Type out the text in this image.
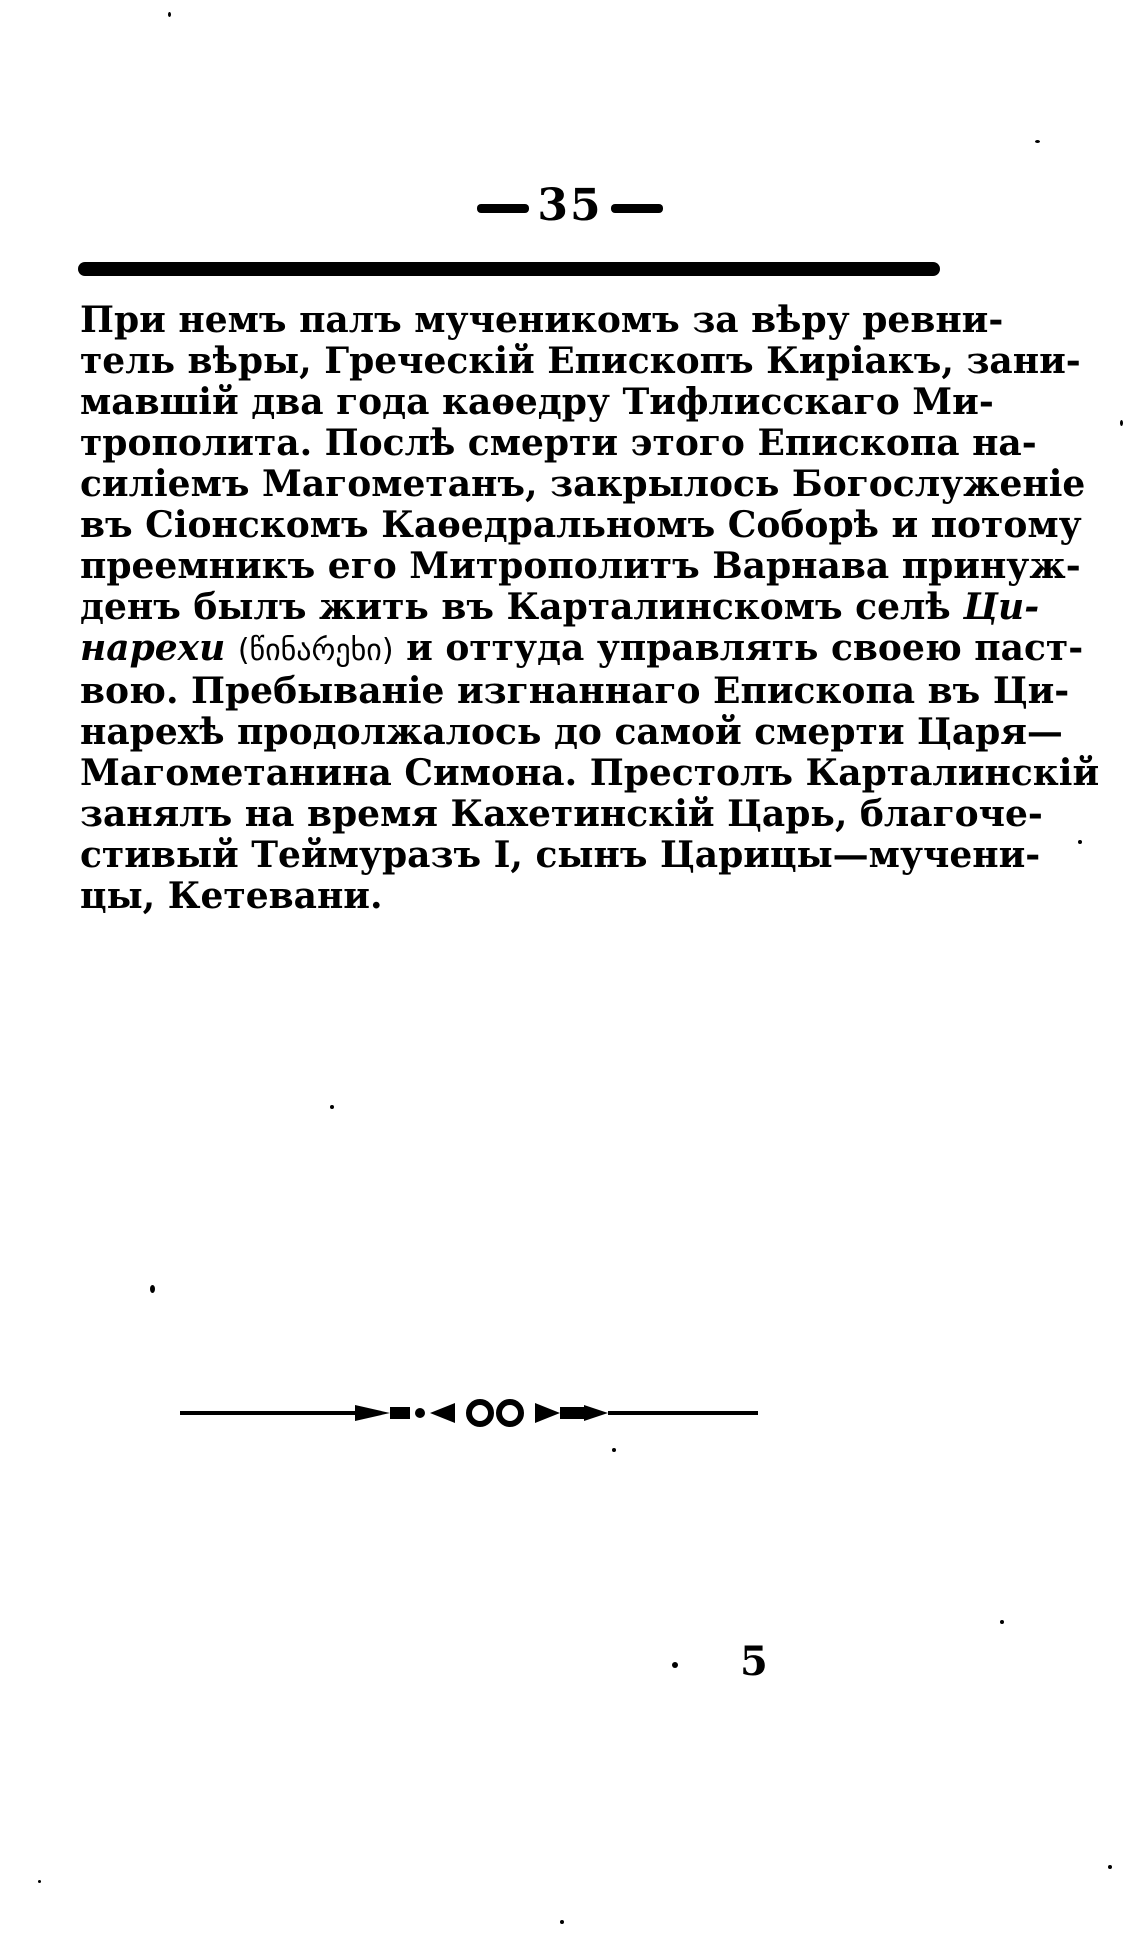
35
При немъ палъ мученикомъ за вѣру ревни-
тель вѣры, Греческій Епископъ Киріакъ, зани-
мавшій два года каѳедру Тифлисскаго Ми-
трополита. Послѣ смерти этого Епископа на-
силіемъ Магометанъ, закрылось Богослуженіе
въ Сіонскомъ Каѳедральномъ Соборѣ и потому
преемникъ его Митрополитъ Варнава принуж-
денъ былъ жить въ Карталинскомъ селѣ Ци-
нарехи (წინარეხი) и оттуда управлять своею паст-
вою. Пребываніе изгнаннаго Епископа въ Ци-
нарехѣ продолжалось до самой смерти Царя—
Магометанина Симона. Престолъ Карталинскій
занялъ на время Кахетинскій Царь, благоче-
стивый Теймуразъ I, сынъ Царицы—мучени-
цы, Кетевани.
5
